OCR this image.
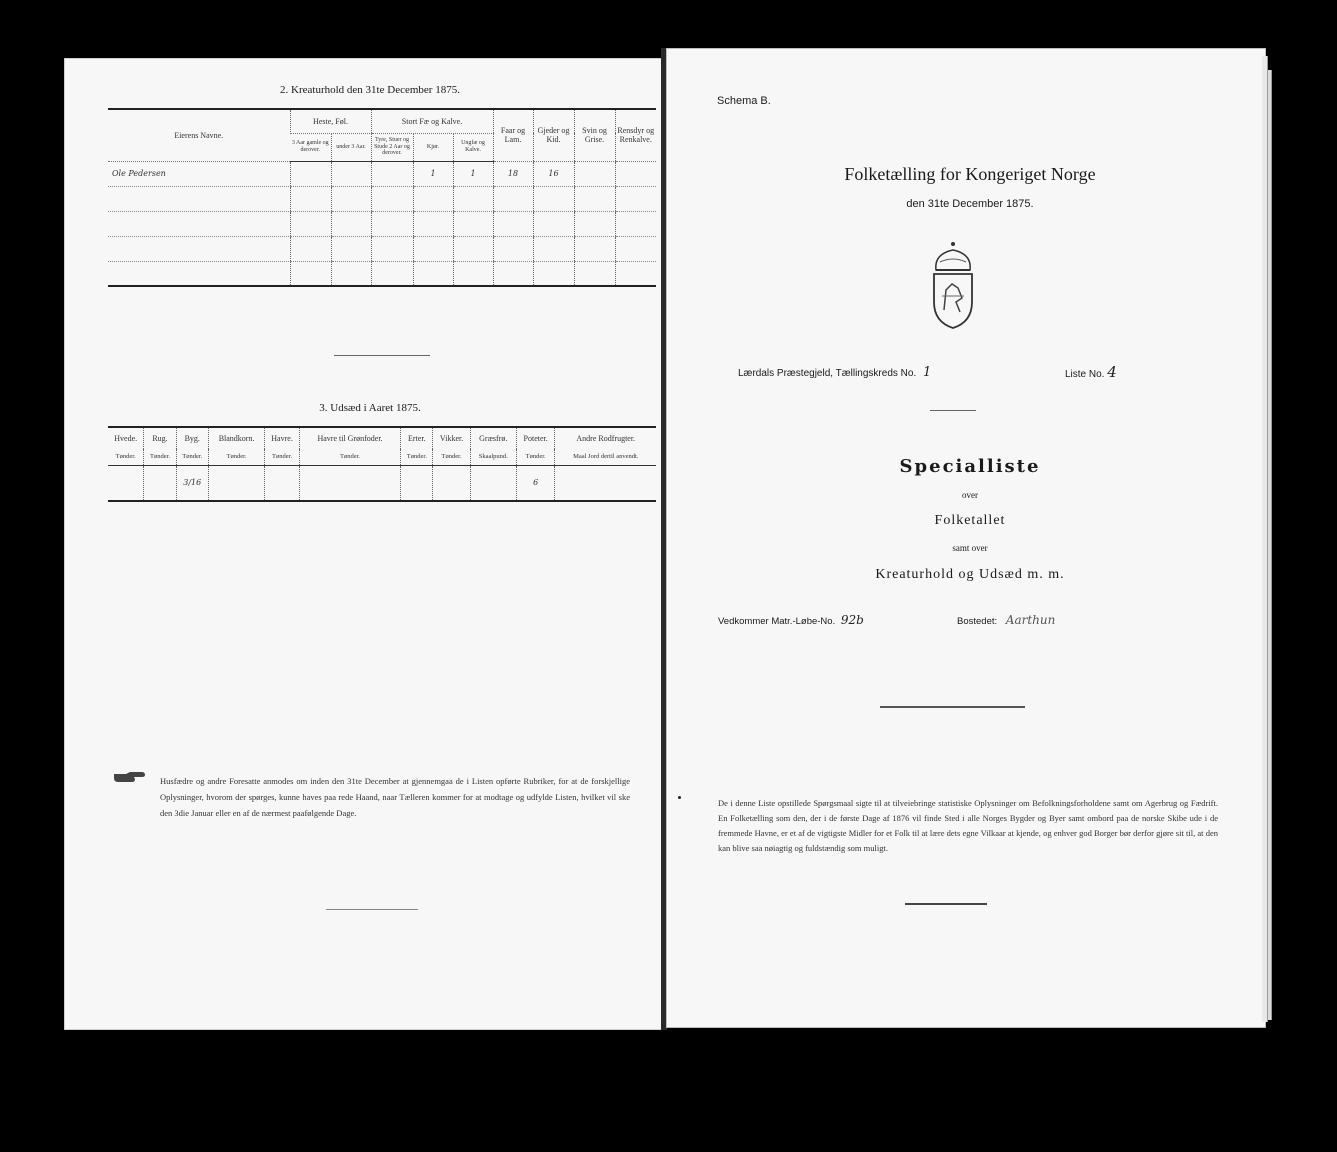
2. Kreaturhold den 31te December 1875.
Eierens Navne.	Heste, Føl.		Stort Fæ og Kalve.			Faar og Lam.	Gjeder og Kid.	Svin og Grise.	Rensdyr og Renkalve.
	3 Aar gamle og derover.	under 3 Aar.	Tyre, Stuer og Stude 2 Aar og derover.	Kjør.	Ungfæ og Kalve.				
Ole Pedersen				1	1	18	16		

3. Udsæd i Aaret 1875.
Hvede.	Rug.	Byg.	Blandkorn.	Havre.	Havre til Grønfoder.	Erter.	Vikker.	Græsfrø.	Poteter.	Andre Rodfrugter.
Tønder.	Tønder.	Tønder.	Tønder.	Tønder.	Tønder.	Tønder.	Tønder.	Skaalpund.	Tønder.	Maal Jord dertil anvendt.
		3/16							6	
Husfædre og andre Foresatte anmodes om inden den 31te December at gjennemgaa de i Listen opførte Rubriker, for at de forskjellige Oplysninger, hvorom der spørges, kunne haves paa rede Haand, naar Tælleren kommer for at modtage og udfylde Listen, hvilket vil ske den 3die Januar eller en af de nærmest paafølgende Dage.
Schema B.
Folketælling for Kongeriget Norge
den 31te December 1875.
Lærdals Præstegjeld, Tællingskreds No. 1	Liste No. 4
Specialliste
over
Folketallet
samt over
Kreaturhold og Udsæd m. m.
Vedkommer Matr.-Løbe-No. 92b	Bostedet: Aarthun
De i denne Liste opstillede Spørgsmaal sigte til at tilveiebringe statistiske Oplysninger om Befolkningsforholdene samt om Agerbrug og Fædrift. En Folketælling som den, der i de første Dage af 1876 vil finde Sted i alle Norges Bygder og Byer samt ombord paa de norske Skibe ude i de fremmede Havne, er et af de vigtigste Midler for et Folk til at lære dets egne Vilkaar at kjende, og enhver god Borger bør derfor gjøre sit til, at den kan blive saa nøiagtig og fuldstændig som muligt.
